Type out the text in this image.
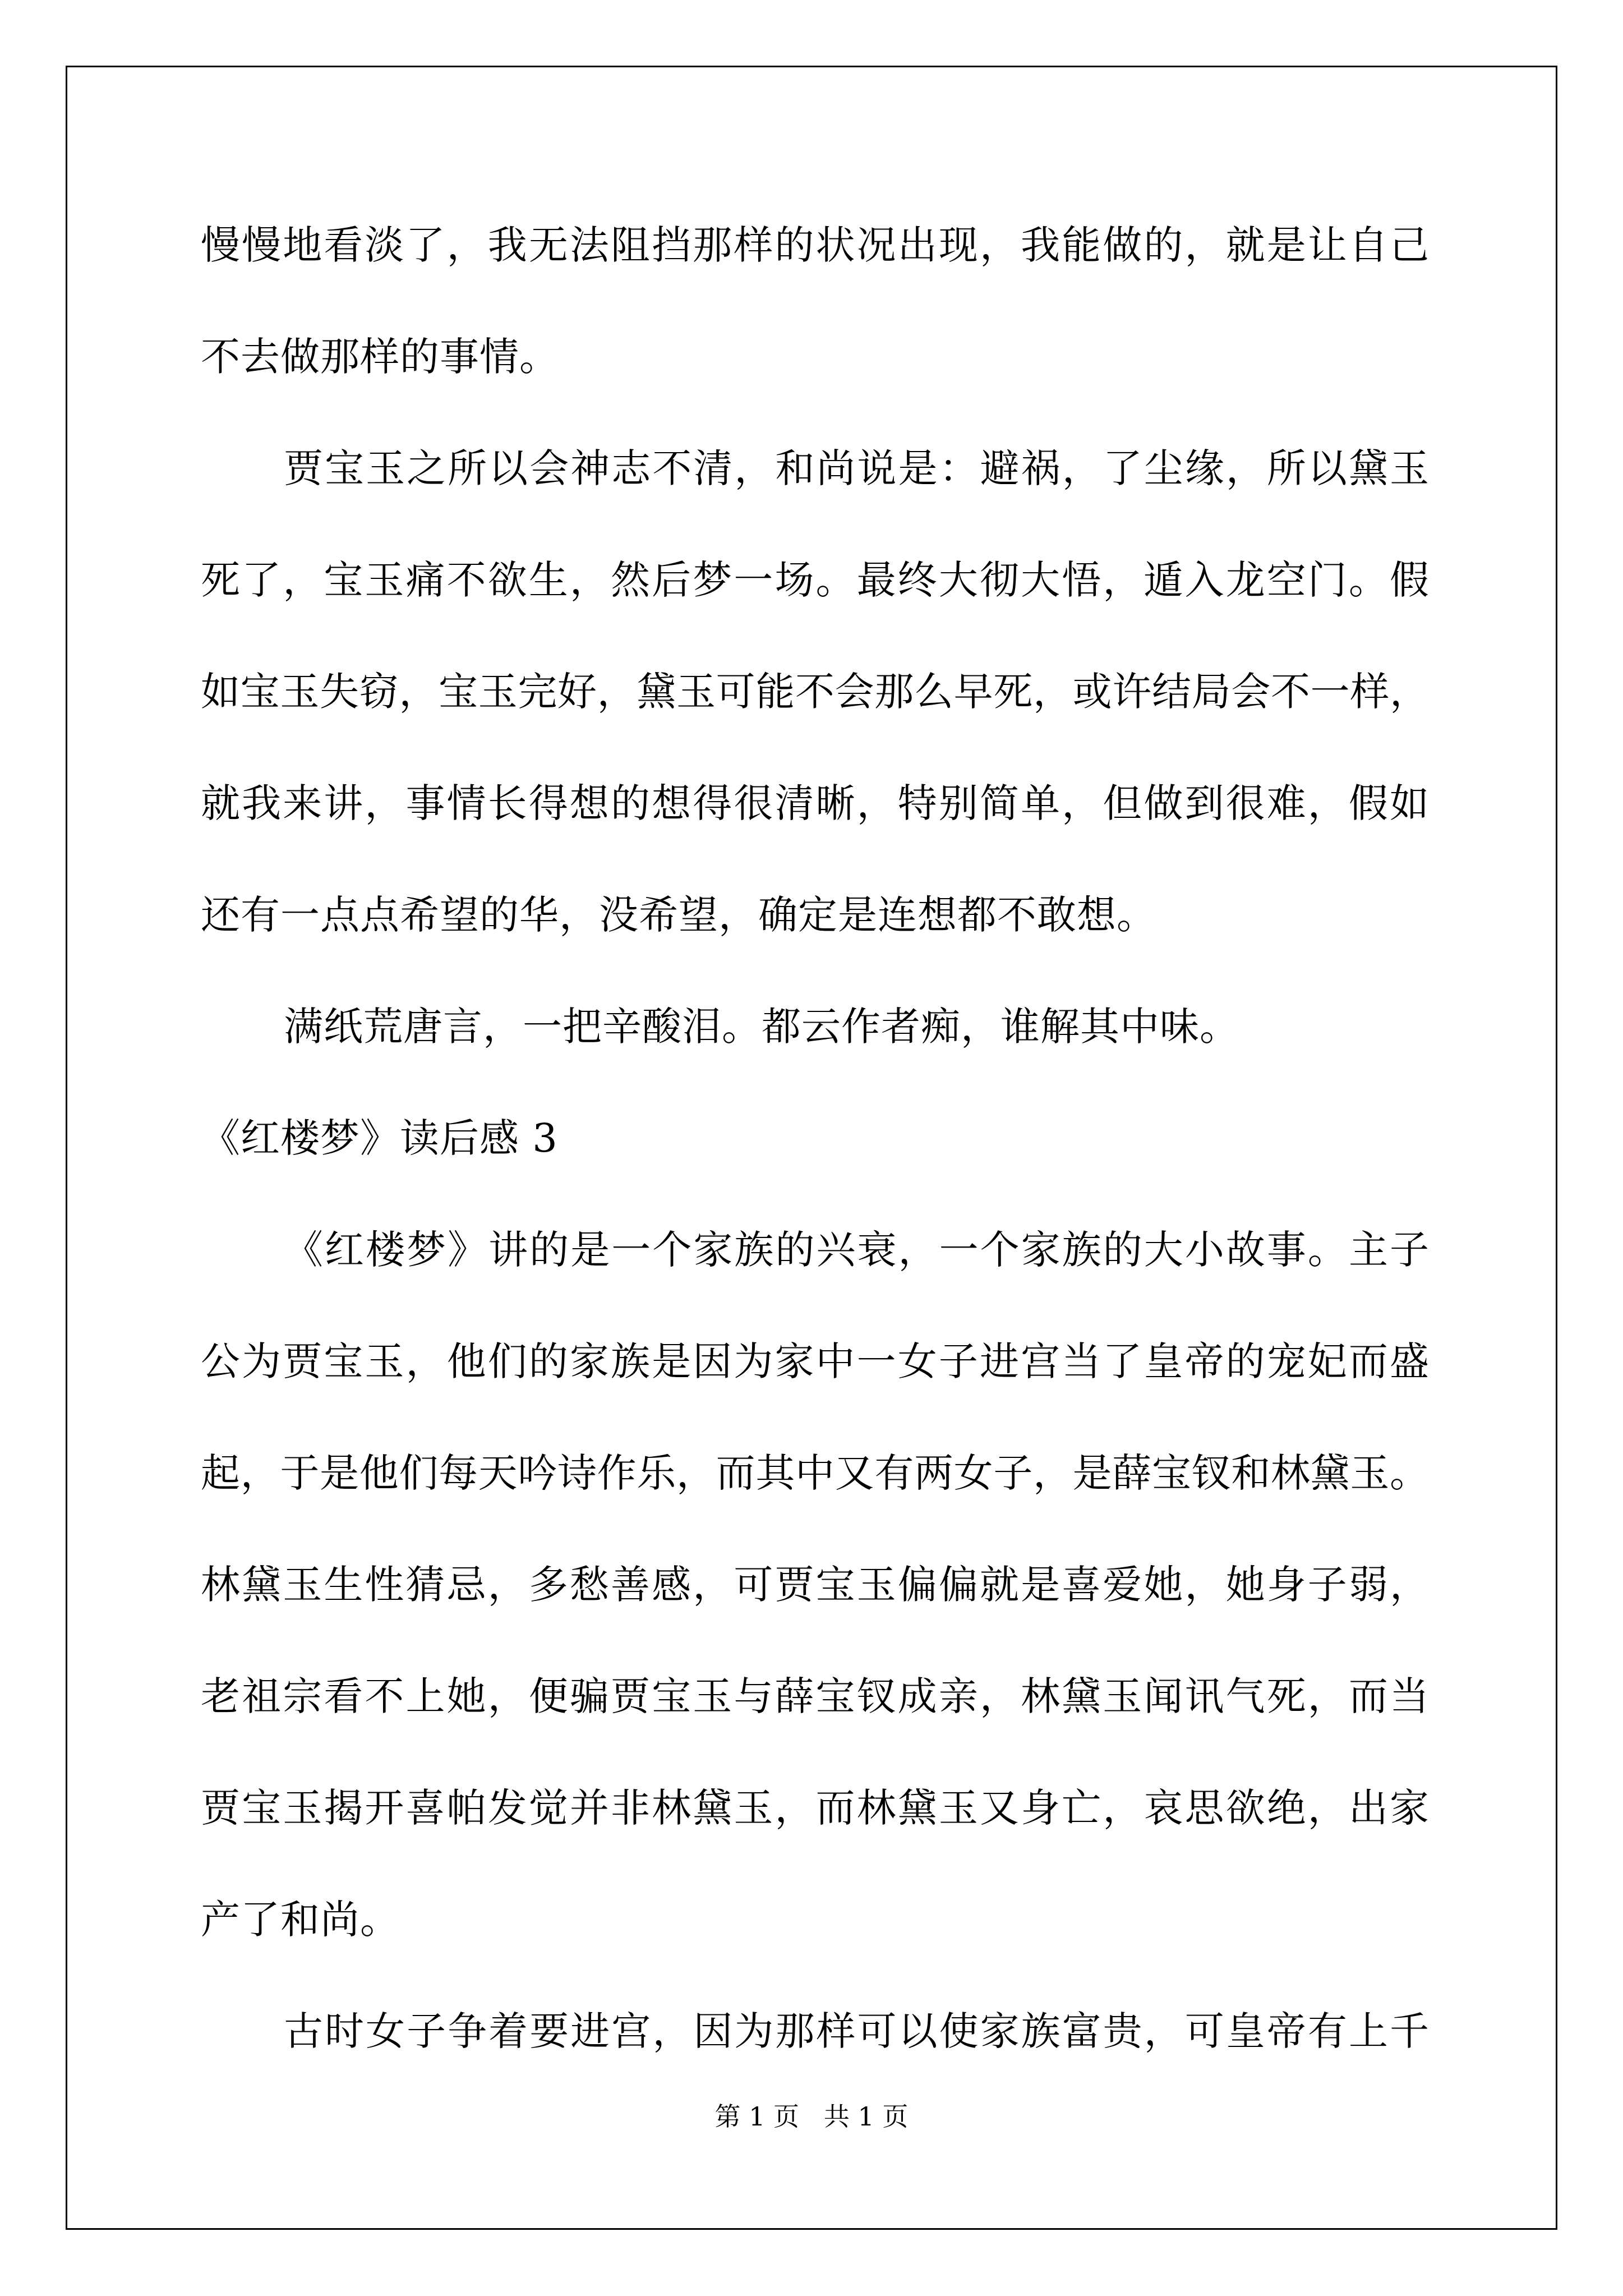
慢慢地看淡了，我无法阻挡那样的状况出现，我能做的，就是让自己
不去做那样的事情。
贾宝玉之所以会神志不清，和尚说是：避祸，了尘缘，所以黛玉
死了，宝玉痛不欲生，然后梦一场。最终大彻大悟，遁入龙空门。假
如宝玉失窃，宝玉完好，黛玉可能不会那么早死，或许结局会不一样，
就我来讲，事情长得想的想得很清晰，特别简单，但做到很难，假如
还有一点点希望的华，没希望，确定是连想都不敢想。
满纸荒唐言，一把辛酸泪。都云作者痴，谁解其中味。
《红楼梦》读后感 3
《红楼梦》讲的是一个家族的兴衰，一个家族的大小故事。主子
公为贾宝玉，他们的家族是因为家中一女子进宫当了皇帝的宠妃而盛
起，于是他们每天吟诗作乐，而其中又有两女子，是薛宝钗和林黛玉。
林黛玉生性猜忌，多愁善感，可贾宝玉偏偏就是喜爱她，她身子弱，
老祖宗看不上她，便骗贾宝玉与薛宝钗成亲，林黛玉闻讯气死，而当
贾宝玉揭开喜帕发觉并非林黛玉，而林黛玉又身亡，哀思欲绝，出家
产了和尚。
古时女子争着要进宫，因为那样可以使家族富贵，可皇帝有上千
第 1 页   共 1 页
